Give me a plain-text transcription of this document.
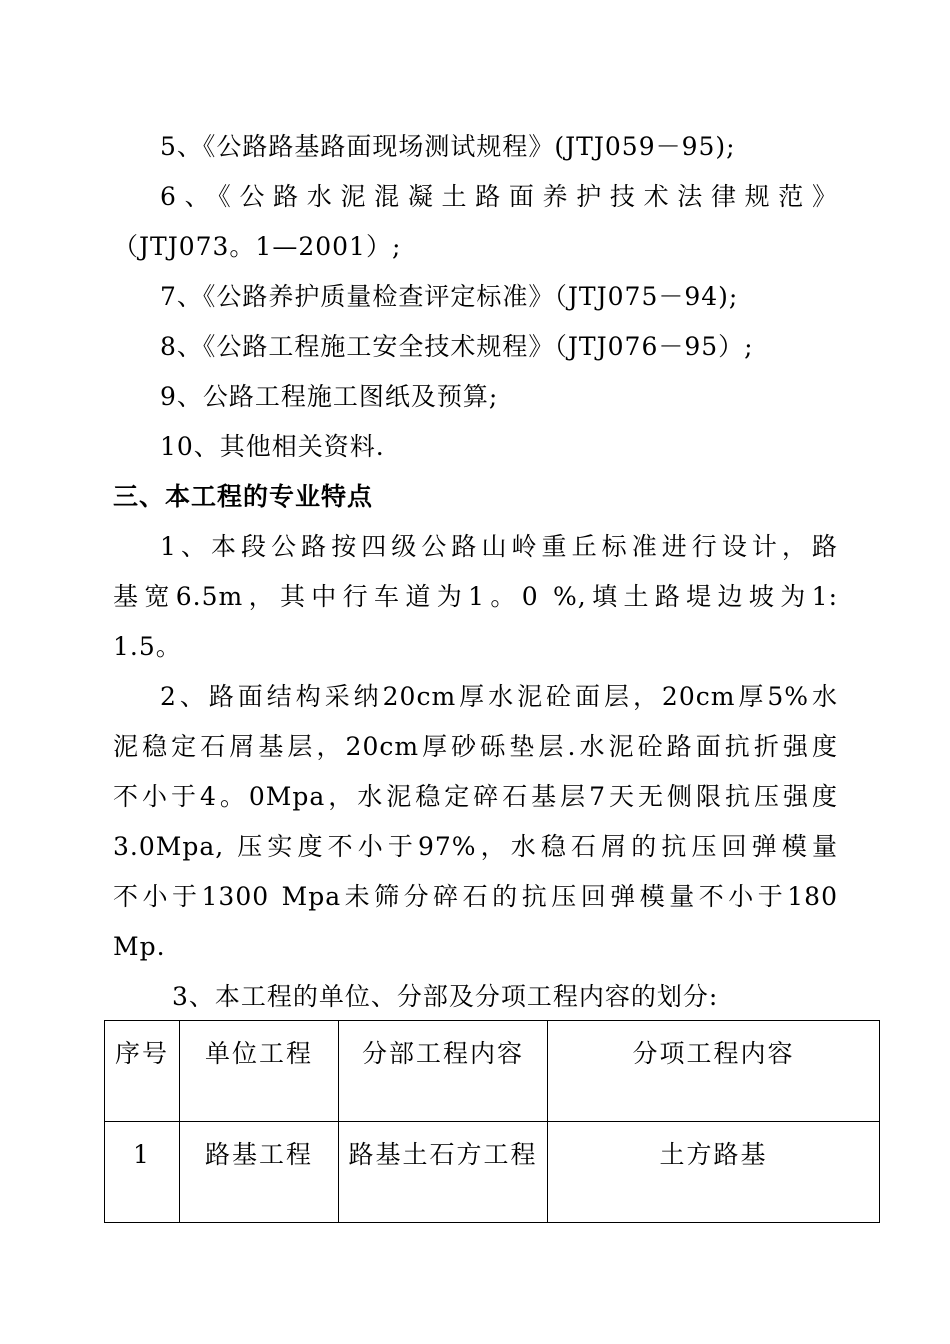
5、《公路路基路面现场测试规程》(JTJ059－95);
6、《公路水泥混凝土路面养护技术法律规范》
（JTJ073。1—2001）;
7、《公路养护质量检查评定标准》（JTJ075－94);
8、《公路工程施工安全技术规程》（JTJ076－95）;
9、公路工程施工图纸及预算;
10、其他相关资料.
三、本工程的专业特点
1、本段公路按四级公路山岭重丘标准进行设计，路
基宽6.5m，其中行车道为1。0 %,填土路堤边坡为1:
1.5。
2、路面结构采纳20cm厚水泥砼面层，20cm厚5%水
泥稳定石屑基层，20cm厚砂砾垫层.水泥砼路面抗折强度
不小于4。0Mpa，水泥稳定碎石基层7天无侧限抗压强度
3.0Mpa, 压实度不小于97%，水稳石屑的抗压回弹模量
不小于1300 Mpa未筛分碎石的抗压回弹模量不小于180
Mp.
3、本工程的单位、分部及分项工程内容的划分:
序号	单位工程	分部工程内容	分项工程内容
1	路基工程	路基土石方工程	土方路基
